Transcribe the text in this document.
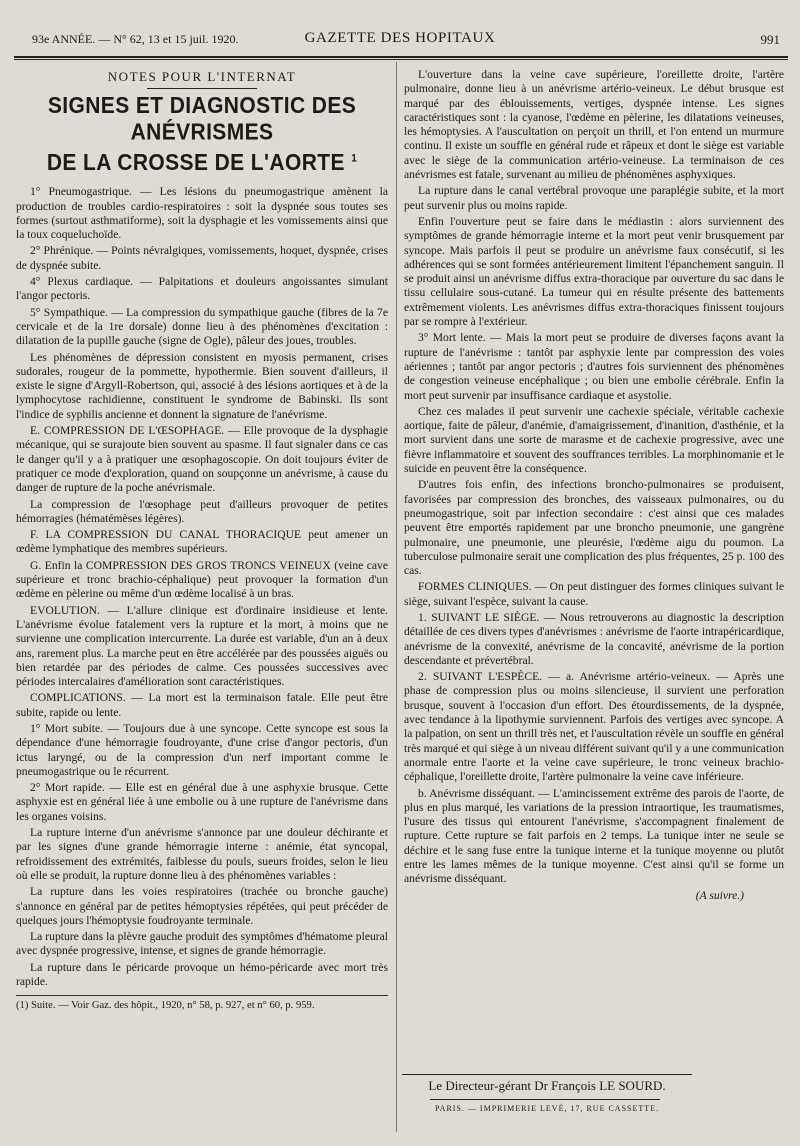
93e ANNÉE. — N° 62, 13 et 15 juil. 1920.	GAZETTE DES HOPITAUX	991
NOTES POUR L'INTERNAT
SIGNES ET DIAGNOSTIC DES ANÉVRISMES
DE LA CROSSE DE L'AORTE $^1$

1° Pneumogastrique. — Les lésions du pneumogastrique amènent la production de troubles cardio-respiratoires : soit la dyspnée sous toutes ses formes (surtout asthmatiforme), soit la dysphagie et les vomissements ainsi que la toux coqueluchoïde.

2° Phrénique. — Points névralgiques, vomissements, hoquet, dyspnée, crises de dyspnée subite.

4° Plexus cardiaque. — Palpitations et douleurs angoissantes simulant l'angor pectoris.

5° Sympathique. — La compression du sympathique gauche (fibres de la 7e cervicale et de la 1re dorsale) donne lieu à des phénomènes d'excitation : dilatation de la pupille gauche (signe de Ogle), pâleur des joues, troubles.

Les phénomènes de dépression consistent en myosis permanent, crises sudorales, rougeur de la pommette, hypothermie. Bien souvent d'ailleurs, il existe le signe d'Argyll-Robertson, qui, associé à des lésions aortiques et à de la lymphocytose rachidienne, constituent le syndrome de Babinski. Ils sont l'indice de syphilis ancienne et donnent la signature de l'anévrisme.

E. COMPRESSION DE L'ŒSOPHAGE. — Elle provoque de la dysphagie mécanique, qui se surajoute bien souvent au spasme. Il faut signaler dans ce cas le danger qu'il y a à pratiquer une œsophagoscopie. On doit toujours éviter de pratiquer ce mode d'exploration, quand on soupçonne un anévrisme, à cause du danger de rupture de la poche anévrismale.

La compression de l'œsophage peut d'ailleurs provoquer de petites hémorragies (hématémèses légères).

F. LA COMPRESSION DU CANAL THORACIQUE peut amener un œdème lymphatique des membres supérieurs.

G. Enfin la COMPRESSION DES GROS TRONCS VEINEUX (veine cave supérieure et tronc brachio-céphalique) peut provoquer la formation d'un œdème en pèlerine ou même d'un œdème localisé à un bras.

EVOLUTION. — L'allure clinique est d'ordinaire insidieuse et lente. L'anévrisme évolue fatalement vers la rupture et la mort, à moins que ne survienne une complication intercurrente. La durée est variable, d'un an à deux ans, rarement plus. La marche peut en être accélérée par des poussées aiguës ou bien retardée par des périodes de calme. Ces poussées successives avec périodes intercalaires d'amélioration sont caractéristiques.

COMPLICATIONS. — La mort est la terminaison fatale. Elle peut être subite, rapide ou lente.

1° Mort subite. — Toujours due à une syncope. Cette syncope est sous la dépendance d'une hémorragie foudroyante, d'une crise d'angor pectoris, d'un ictus laryngé, ou de la compression d'un nerf important comme le pneumogastrique ou le récurrent.

2° Mort rapide. — Elle est en général due à une asphyxie brusque. Cette asphyxie est en général liée à une embolie ou à une rupture de l'anévrisme dans les organes voisins.

La rupture interne d'un anévrisme s'annonce par une douleur déchirante et par les signes d'une grande hémorragie interne : anémie, état syncopal, refroidissement des extrémités, faiblesse du pouls, sueurs froides, selon le lieu où elle se produit, la rupture donne lieu à des phénomènes variables :

La rupture dans les voies respiratoires (trachée ou bronche gauche) s'annonce en général par de petites hémoptysies répétées, qui peut précéder de quelques jours l'hémoptysie foudroyante terminale.

La rupture dans la plèvre gauche produit des symptômes d'hématome pleural avec dyspnée progressive, intense, et signes de grande hémorragie.

La rupture dans le péricarde provoque un hémo-péricarde avec mort très rapide.

(1) Suite. — Voir Gaz. des hôpit., 1920, n° 58, p. 927, et n° 60, p. 959.

L'ouverture dans la veine cave supérieure, l'oreillette droite, l'artère pulmonaire, donne lieu à un anévrisme artério-veineux. Le début brusque est marqué par des éblouissements, vertiges, dyspnée intense. Les signes caractéristiques sont : la cyanose, l'œdème en pèlerine, les dilatations veineuses, les hémoptysies. A l'auscultation on perçoit un thrill, et l'on entend un murmure continu. Il existe un souffle en général rude et râpeux et dont le siège est variable avec le siège de la communication artério-veineuse. La terminaison de ces anévrismes est fatale, survenant au milieu de phénomènes asphyxiques.

La rupture dans le canal vertébral provoque une paraplégie subite, et la mort peut survenir plus ou moins rapide.

Enfin l'ouverture peut se faire dans le médiastin : alors surviennent des symptômes de grande hémorragie interne et la mort peut venir brusquement par syncope. Mais parfois il peut se produire un anévrisme faux consécutif, si les adhérences qui se sont formées antérieurement limitent l'épanchement sanguin. Il se produit ainsi un anévrisme diffus extra-thoracique par ouverture du sac dans le tissu cellulaire sous-cutané. La tumeur qui en résulte présente des battements extrêmement violents. Les anévrismes diffus extra-thoraciques finissent toujours par se rompre à l'extérieur.

3° Mort lente. — Mais la mort peut se produire de diverses façons avant la rupture de l'anévrisme : tantôt par asphyxie lente par compression des voies aériennes ; tantôt par angor pectoris ; d'autres fois surviennent des phénomènes de congestion veineuse encéphalique ; ou bien une embolie cérébrale. Enfin la mort peut survenir par insuffisance cardiaque et asystolie.

Chez ces malades il peut survenir une cachexie spéciale, véritable cachexie aortique, faite de pâleur, d'anémie, d'amaigrissement, d'inanition, d'asthénie, et la mort survient dans une sorte de marasme et de cachexie progressive, avec une fièvre inflammatoire et souvent des souffrances terribles. La morphinomanie et le suicide en peuvent être la conséquence.

D'autres fois enfin, des infections broncho-pulmonaires se produisent, favorisées par compression des bronches, des vaisseaux pulmonaires, ou du pneumogastrique, soit par infection secondaire : c'est ainsi que ces malades peuvent être emportés rapidement par une broncho pneumonie, une gangrène pulmonaire, une pneumonie, une pleurésie, l'œdème aigu du poumon. La tuberculose pulmonaire serait une complication des plus fréquentes, 25 p. 100 des cas.

FORMES CLINIQUES. — On peut distinguer des formes cliniques suivant le siège, suivant l'espèce, suivant la cause.

1. SUIVANT LE SIÈGE. — Nous retrouverons au diagnostic la description détaillée de ces divers types d'anévrismes : anévrisme de l'aorte intrapéricardique, anévrisme de la convexité, anévrisme de la concavité, anévrisme de la portion descendante et prévertébral.

2. SUIVANT L'ESPÈCE. — a. Anévrisme artério-veineux. — Après une phase de compression plus ou moins silencieuse, il survient une perforation brusque, souvent à l'occasion d'un effort. Des étourdissements, de la dyspnée, avec tendance à la lipothymie surviennent. Parfois des vertiges avec syncope. A la palpation, on sent un thrill très net, et l'auscultation révèle un souffle en général très marqué et qui siège à un niveau différent suivant qu'il y a une communication anormale entre l'aorte et la veine cave supérieure, le tronc veineux brachio-céphalique, l'oreillette droite, l'artère pulmonaire la veine cave inférieure.

b. Anévrisme disséquant. — L'amincissement extrême des parois de l'aorte, de plus en plus marqué, les variations de la pression intraortique, les traumatismes, l'usure des tissus qui entourent l'anévrisme, s'accompagnent finalement de rupture. Cette rupture se fait parfois en 2 temps. La tunique inter ne seule se déchire et le sang fuse entre la tunique interne et la tunique moyenne ou plutôt entre les lames mêmes de la tunique moyenne. C'est ainsi qu'il se forme un anévrisme disséquant.

(A suivre.)
Le Directeur-gérant Dr François LE SOURD.
PARIS. — IMPRIMERIE LEVÉ, 17, RUE CASSETTE.
